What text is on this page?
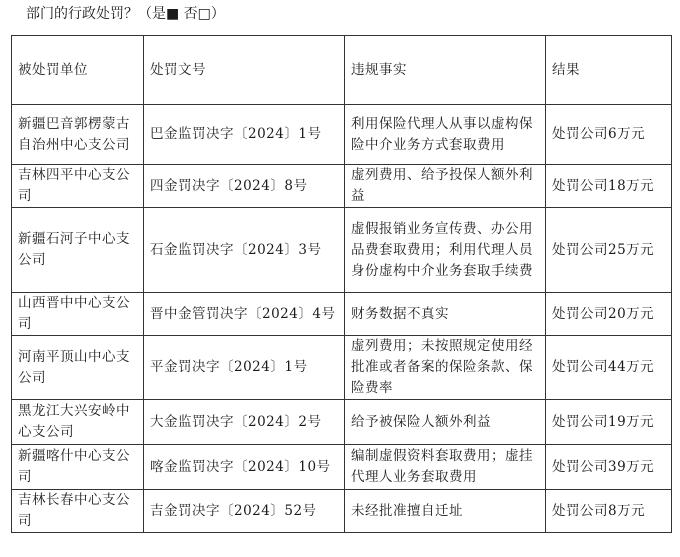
部门的行政处罚？（是■ 否□）
被处罚单位	处罚文号	违规事实	结果
新疆巴音郭楞蒙古自治州中心支公司	巴金监罚决字〔2024〕1号	利用保险代理人从事以虚构保险中介业务方式套取费用	处罚公司6万元
吉林四平中心支公司	四金罚决字〔2024〕8号	虚列费用、给予投保人额外利益	处罚公司18万元
新疆石河子中心支公司	石金监罚决字〔2024〕3号	虚假报销业务宣传费、办公用品费套取费用；利用代理人员身份虚构中介业务套取手续费	处罚公司25万元
山西晋中中心支公司	晋中金管罚决字〔2024〕4号	财务数据不真实	处罚公司20万元
河南平顶山中心支公司	平金罚决字〔2024〕1号	虚列费用；未按照规定使用经批准或者备案的保险条款、保险费率	处罚公司44万元
黑龙江大兴安岭中心支公司	大金监罚决字〔2024〕2号	给予被保险人额外利益	处罚公司19万元
新疆喀什中心支公司	喀金监罚决字〔2024〕10号	编制虚假资料套取费用；虚挂代理人业务套取费用	处罚公司39万元
吉林长春中心支公司	吉金罚决字〔2024〕52号	未经批准擅自迁址	处罚公司8万元
